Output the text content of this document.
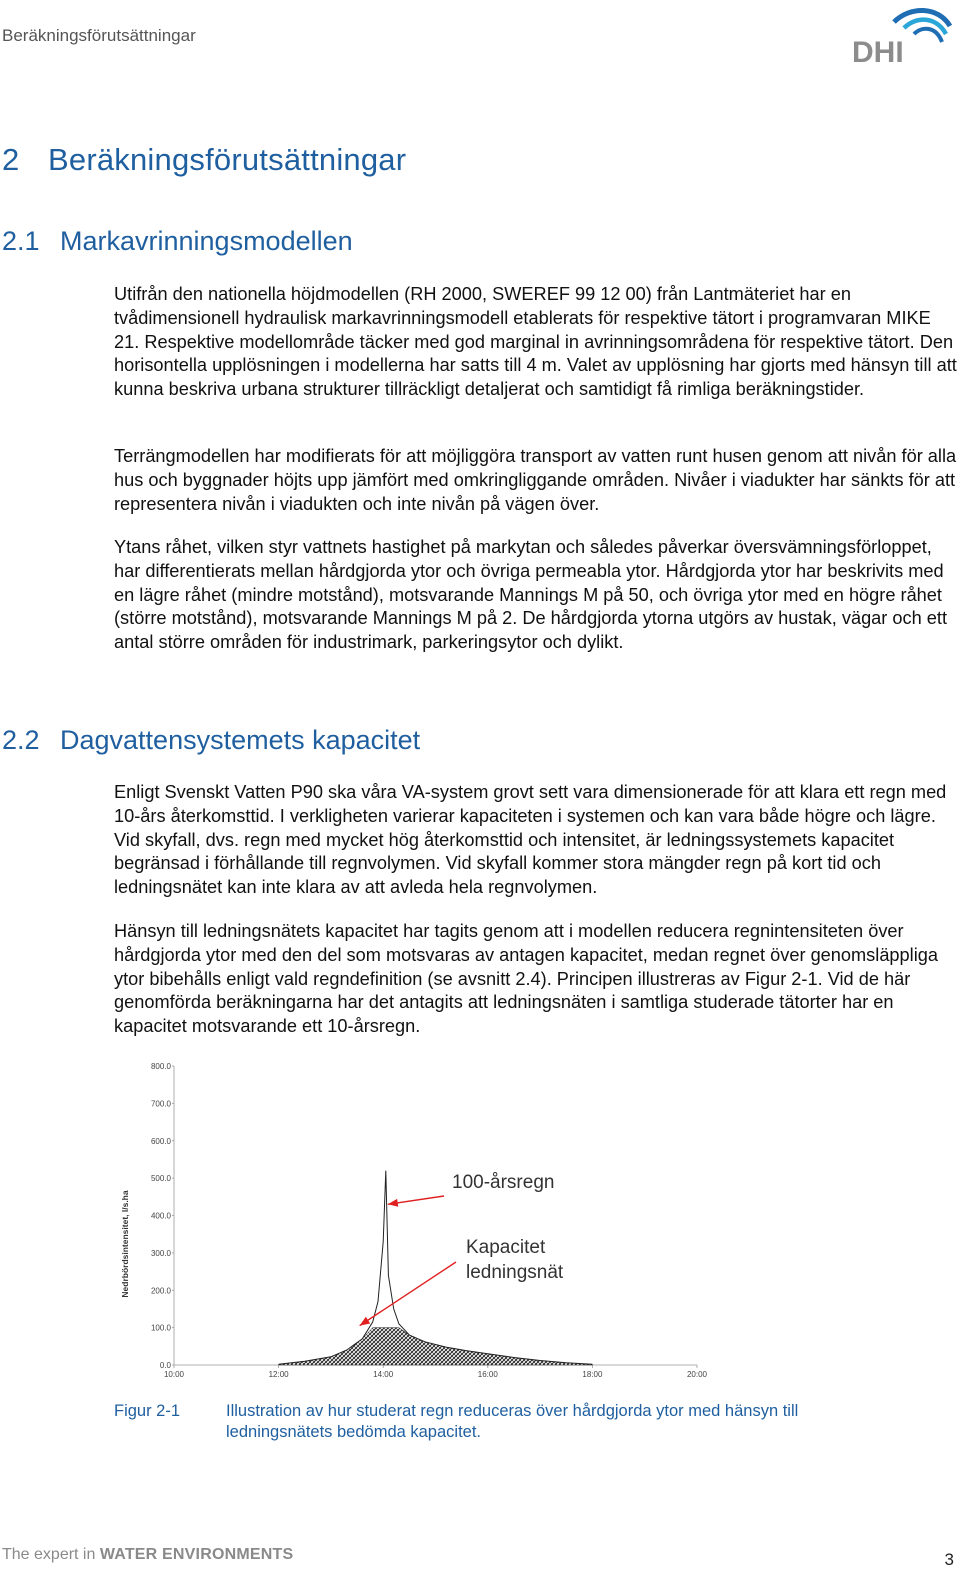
Beräkningsförutsättningar
DHI
2 Beräkningsförutsättningar
2.1 Markavrinningsmodellen

Utifrån den nationella höjdmodellen (RH 2000, SWEREF 99 12 00) från Lantmäteriet har en tvådimensionell hydraulisk markavrinningsmodell etablerats för respektive tätort i programvaran MIKE 21. Respektive modellområde täcker med god marginal in avrinningsområdena för respektive tätort. Den horisontella upplösningen i modellerna har satts till 4 m. Valet av upplösning har gjorts med hänsyn till att kunna beskriva urbana strukturer tillräckligt detaljerat och samtidigt få rimliga beräkningstider.

Terrängmodellen har modifierats för att möjliggöra transport av vatten runt husen genom att nivån för alla hus och byggnader höjts upp jämfört med omkringliggande områden. Nivåer i viadukter har sänkts för att representera nivån i viadukten och inte nivån på vägen över.

Ytans råhet, vilken styr vattnets hastighet på markytan och således påverkar översvämningsförloppet, har differentierats mellan hårdgjorda ytor och övriga permeabla ytor. Hårdgjorda ytor har beskrivits med en lägre råhet (mindre motstånd), motsvarande Mannings M på 50, och övriga ytor med en högre råhet (större motstånd), motsvarande Mannings M på 2. De hårdgjorda ytorna utgörs av hustak, vägar och ett antal större områden för industrimark, parkeringsytor och dylikt.

2.2 Dagvattensystemets kapacitet

Enligt Svenskt Vatten P90 ska våra VA-system grovt sett vara dimensionerade för att klara ett regn med 10-års återkomsttid. I verkligheten varierar kapaciteten i systemen och kan vara både högre och lägre. Vid skyfall, dvs. regn med mycket hög återkomsttid och intensitet, är ledningssystemets kapacitet begränsad i förhållande till regnvolymen. Vid skyfall kommer stora mängder regn på kort tid och ledningsnätet kan inte klara av att avleda hela regnvolymen.

Hänsyn till ledningsnätets kapacitet har tagits genom att i modellen reducera regnintensiteten över hårdgjorda ytor med den del som motsvaras av antagen kapacitet, medan regnet över genomsläppliga ytor bibehålls enligt vald regndefinition (se avsnitt 2.4). Principen illustreras av Figur 2-1. Vid de här genomförda beräkningarna har det antagits att ledningsnäten i samtliga studerade tätorter har en kapacitet motsvarande ett 10-årsregn.

0.0
100.0
200.0
300.0
400.0
500.0
600.0
700.0
800.0
10:00	12:00	14:00	16:00	18:00	20:00
Nedrbördsintensitet, l/s.ha
100-årsregn
Kapacitet
ledningsnät
Figur 2-1	Illustration av hur studerat regn reduceras över hårdgjorda ytor med hänsyn till ledningsnätets bedömda kapacitet.
The expert in WATER ENVIRONMENTS	3
